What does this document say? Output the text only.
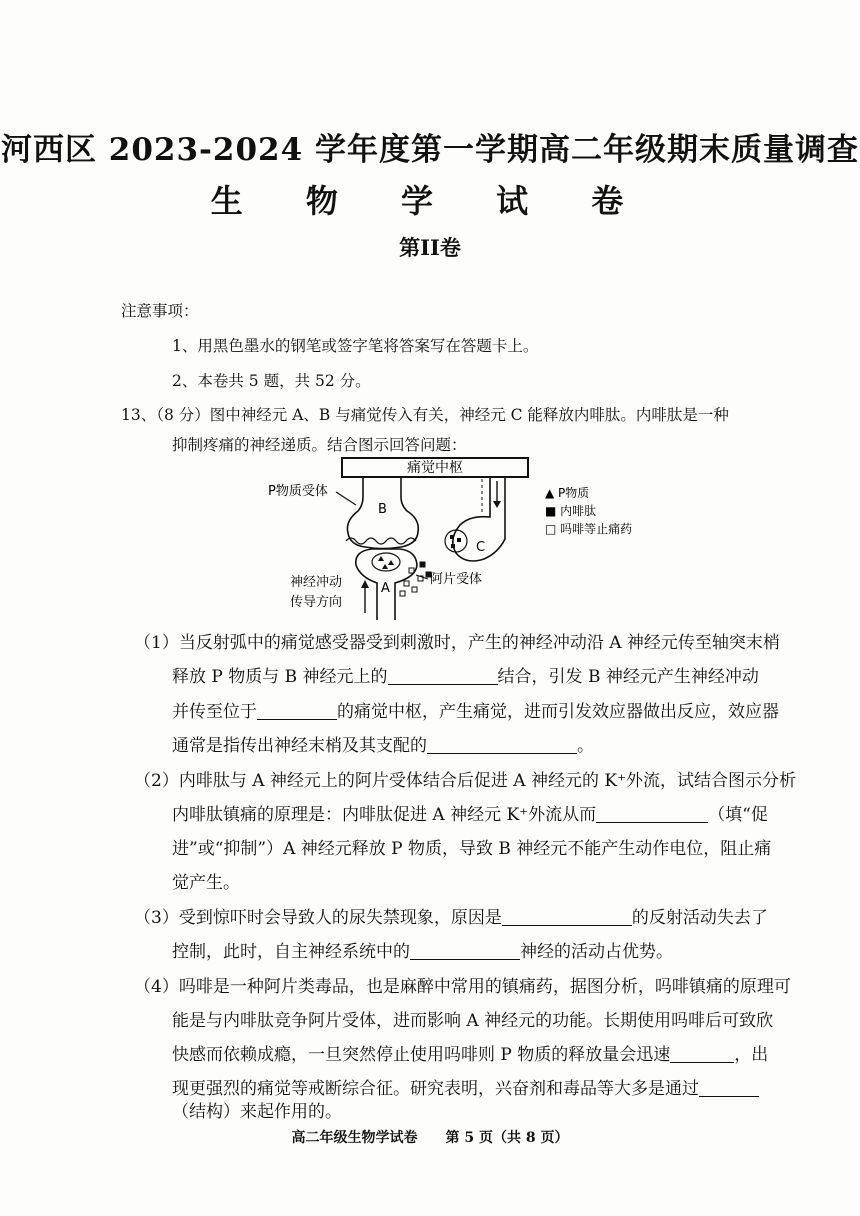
河西区 2023-2024 学年度第一学期高二年级期末质量调查
生 物 学 试 卷
第II卷
注意事项：
1、用黑色墨水的钢笔或签字笔将答案写在答题卡上。
2、本卷共 5 题，共 52 分。
13、（8 分）图中神经元 A、B 与痛觉传入有关，神经元 C 能释放内啡肽。内啡肽是一种
抑制疼痛的神经递质。结合图示回答问题：
痛觉中枢
B
P物质受体
A
C
阿片受体
神经冲动
传导方向
▲ P物质
■ 内啡肽
□ 吗啡等止痛药
（1）当反射弧中的痛觉感受器受到刺激时，产生的神经冲动沿 A 神经元传至轴突末梢
释放 P 物质与 B 神经元上的	结合，引发 B 神经元产生神经冲动
并传至位于	的痛觉中枢，产生痛觉，进而引发效应器做出反应，效应器
通常是指传出神经末梢及其支配的	。
（2）内啡肽与 A 神经元上的阿片受体结合后促进 A 神经元的 K⁺外流，试结合图示分析
内啡肽镇痛的原理是：内啡肽促进 A 神经元 K⁺外流从而	（填“促
进”或“抑制”）A 神经元释放 P 物质，导致 B 神经元不能产生动作电位，阻止痛
觉产生。
（3）受到惊吓时会导致人的尿失禁现象，原因是	的反射活动失去了
控制，此时，自主神经系统中的	神经的活动占优势。
（4）吗啡是一种阿片类毒品，也是麻醉中常用的镇痛药，据图分析，吗啡镇痛的原理可
能是与内啡肽竞争阿片受体，进而影响 A 神经元的功能。长期使用吗啡后可致欣
快感而依赖成瘾，一旦突然停止使用吗啡则 P 物质的释放量会迅速	，出
现更强烈的痛觉等戒断综合征。研究表明，兴奋剂和毒品等大多是通过
（结构）来起作用的。
高二年级生物学试卷　　第 5 页（共 8 页）
